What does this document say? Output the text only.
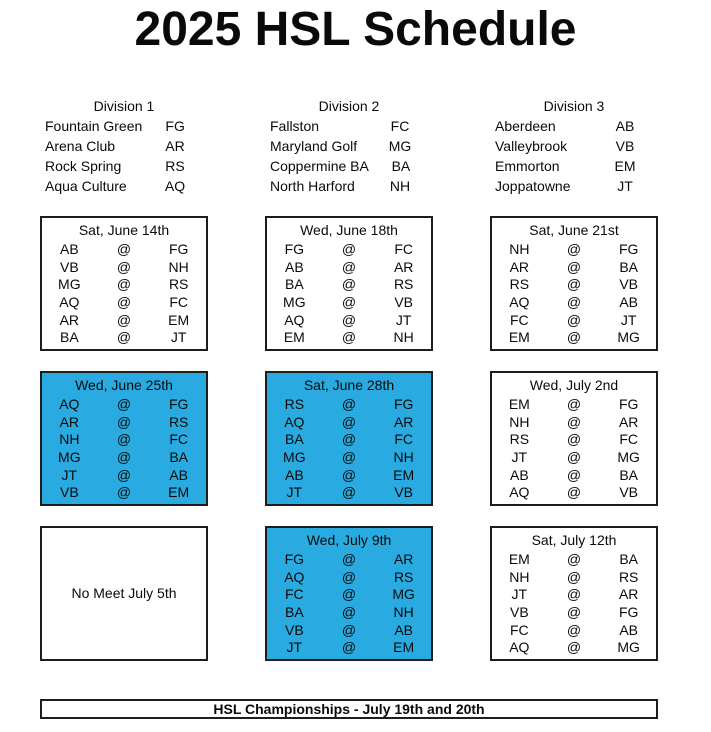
2025 HSL Schedule
Division 1
Fountain Green	FG
Arena Club	AR
Rock Spring	RS
Aqua Culture	AQ
Division 2
Fallston	FC
Maryland Golf	MG
Coppermine BA	BA
North Harford	NH
Division 3
Aberdeen	AB
Valleybrook	VB
Emmorton	EM
Joppatowne	JT
Sat, June 14th
AB	@	FG
VB	@	NH
MG	@	RS
AQ	@	FC
AR	@	EM
BA	@	JT
Wed, June 18th
FG	@	FC
AB	@	AR
BA	@	RS
MG	@	VB
AQ	@	JT
EM	@	NH
Sat, June 21st
NH	@	FG
AR	@	BA
RS	@	VB
AQ	@	AB
FC	@	JT
EM	@	MG
Wed, June 25th
AQ	@	FG
AR	@	RS
NH	@	FC
MG	@	BA
JT	@	AB
VB	@	EM
Sat, June 28th
RS	@	FG
AQ	@	AR
BA	@	FC
MG	@	NH
AB	@	EM
JT	@	VB
Wed, July 2nd
EM	@	FG
NH	@	AR
RS	@	FC
JT	@	MG
AB	@	BA
AQ	@	VB
No Meet July 5th
Wed, July 9th
FG	@	AR
AQ	@	RS
FC	@	MG
BA	@	NH
VB	@	AB
JT	@	EM
Sat, July 12th
EM	@	BA
NH	@	RS
JT	@	AR
VB	@	FG
FC	@	AB
AQ	@	MG
HSL Championships - July 19th and 20th
